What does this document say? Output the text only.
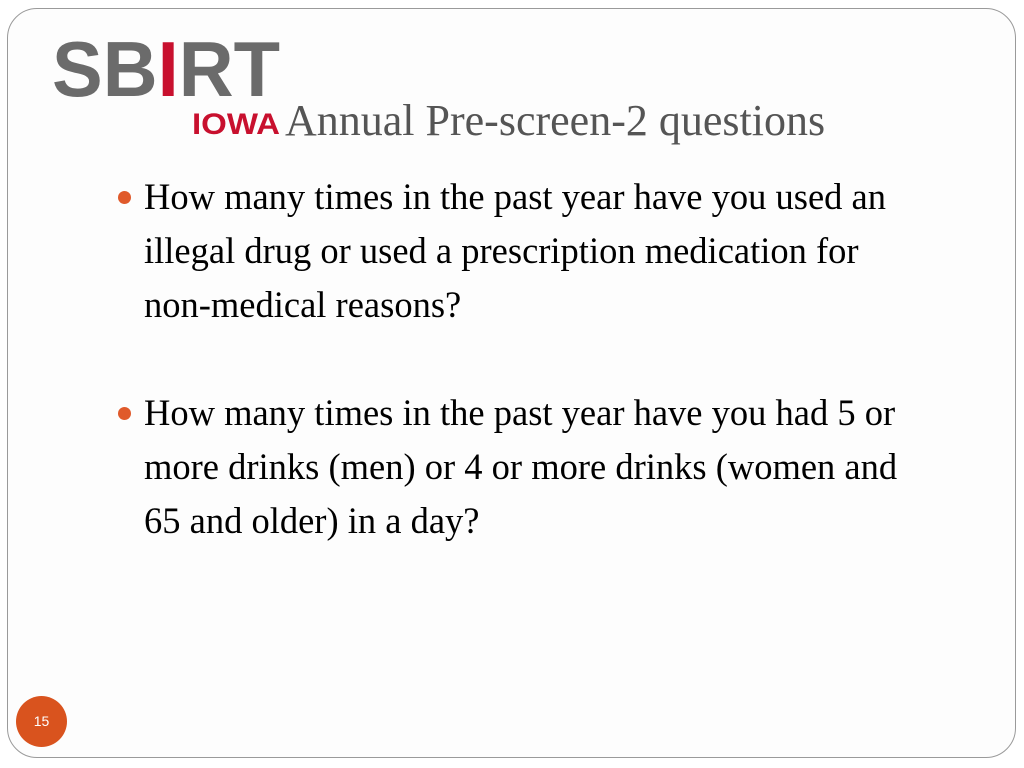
SBIRT
IOWA Annual Pre-screen-2 questions
How many times in the past year have you used an illegal drug or used a prescription medication for non-medical reasons?
How many times in the past year have you had 5 or more drinks (men) or 4 or more drinks (women and 65 and older) in a day?
15
